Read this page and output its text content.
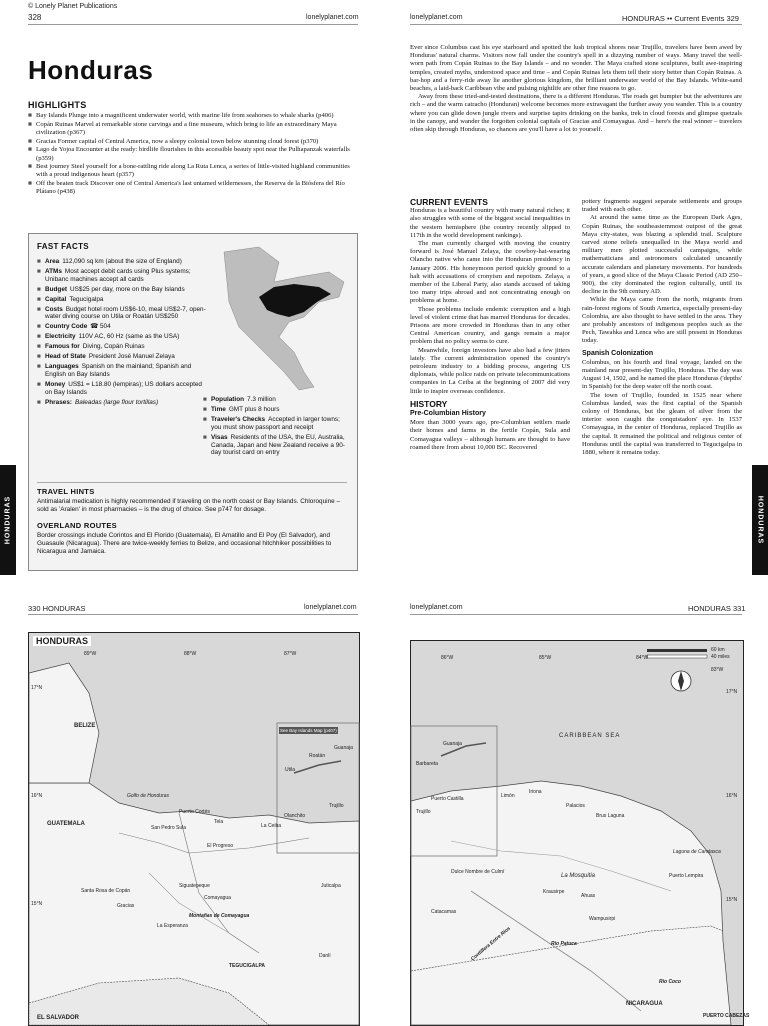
© Lonely Planet Publications
328	lonelyplanet.com	lonelyplanet.com	HONDURAS •• Current Events 329
Honduras
HIGHLIGHTS
■ Bay Islands Plunge into a magnificent underwater world, with marine life from seahorses to whale sharks (p406)
■ Copán Ruinas Marvel at remarkable stone carvings and a fine museum, which bring to life an extraordinary Maya civilization (p367)
■ Gracias Former capital of Central America, now a sleepy colonial town below stunning cloud forest (p370)
■ Lago de Yojoa Encounter at the ready: birdlife flourishes in this accessible beauty spot near the Pulhapanzak waterfalls (p359)
■ Best journey Steel yourself for a bone-rattling ride along La Ruta Lenca, a series of little-visited highland communities with a proud indigenous heart (p357)
■ Off the beaten track Discover one of Central America's last untamed wildernesses, the Reserva de la Biósfera del Río Plátano (p438)
FAST FACTS
■ Area 112,090 sq km (about the size of England)
■ ATMs Most accept debit cards using Plus systems; Unibanc machines accept all cards
■ Budget US$25 per day, more on the Bay Islands
■ Capital Tegucigalpa
■ Costs Budget hotel room US$6-10, meal US$2-7, open-water diving course on Utila or Roatán US$250
■ Country Code ☎ 504
■ Electricity 110V AC, 60 Hz (same as the USA)
■ Famous for Diving, Copán Ruinas
■ Head of State President José Manuel Zelaya
■ Languages Spanish on the mainland; Spanish and English on Bay Islands
■ Money US$1 = L18.80 (lempiras); US dollars accepted on Bay Islands
■ Phrases: Baleadas (large flour tortillas)	■ Population 7.3 million
■ Time GMT plus 8 hours
■ Traveler's Checks Accepted in larger towns; you must show passport and receipt
■ Visas Residents of the USA, the EU, Australia, Canada, Japan and New Zealand receive a 90-day tourist card on entry
TRAVEL HINTS
Antimalarial medication is highly recommended if traveling on the north coast or Bay Islands. Chloroquine – sold as 'Aralen' in most pharmacies – is the drug of choice. See p747 for dosage.
OVERLAND ROUTES
Border crossings include Corintos and El Florido (Guatemala), El Amatillo and El Poy (El Salvador), and Guasaule (Nicaragua). There are twice-weekly ferries to Belize, and occasional hitchhiker possibilities to Nicaragua and Jamaica.

Ever since Columbus cast his eye starboard and spotted the lush tropical shores near Trujillo, travelers have been awed by Honduras' natural charms. Visitors now fall under the country's spell in a dizzying number of ways. Many travel the well-worn path from Copán Ruinas to the Bay Islands – and no wonder. The Maya crafted stone sculptures, built awe-inspiring temples, created myths, understood space and time – and Copán Ruinas lets them tell their story better than Copán Ruinas. A bar-hop and a ferry-ride away lie another glorious kingdom, the brilliant underwater world of the Bay Islands. White-sand beaches, a laid-back Caribbean vibe and pulsing nightlife are other fine reasons to go.

Away from these tried-and-tested destinations, there is a different Honduras. The roads get bumpier but the adventures are rich – and the warm catracho (Honduran) welcome becomes more extravagant the further away you wander. This is a country where you can glide down jungle rivers and surprise tapirs drinking on the banks, trek in cloud forests and glimpse quetzals in the canopy, and wander the forgotten colonial capitals of Gracias and Comayagua. And – here's the real winner – travelers often skip through Honduras, so chances are you'll have a lot to yourself.

CURRENT EVENTS

Honduras is a beautiful country with many natural riches; it also struggles with some of the biggest social inequalities in the western hemisphere (the country recently slipped to 117th in the world development rankings).

The man currently charged with moving the country forward is José Manuel Zelaya, the cowboy-hat-wearing Olancho native who came into the Honduran presidency in January 2006. His honeymoon period quickly ground to a halt with accusations of cronyism and nepotism. Zelaya, a member of the Liberal Party, also stands accused of taking too many trips abroad and not concentrating enough on problems at home.

Those problems include endemic corruption and a high level of violent crime that has marred Honduras for decades. Prisons are more crowded in Honduras than in any other Central American country, and gangs remain a major problem that no policy seems to cure.

Meanwhile, foreign investors have also had a few jitters lately. The current administration opened the country's petroleum industry to a bidding process, angering US diplomats, while police raids on private telecommunications companies in La Ceiba at the beginning of 2007 did very little to inspire overseas confidence.

HISTORY
Pre-Columbian History

More than 3000 years ago, pre-Columbian settlers made their homes and farms in the fertile Copán, Sula and Comayagua valleys – although humans are thought to have roamed there from about 10,000 BC. Recovered

pottery fragments suggest separate settlements and groups traded with each other.

At around the same time as the European Dark Ages, Copán Ruinas, the southeasternmost outpost of the great Maya city-states, was blazing a splendid trail. Sculpture carved stone reliefs unequalled in the Maya world and military men plotted successful campaigns, while mathematicians and astronomers calculated uncannily accurate calendars and planetary movements. For hundreds of years, a good slice of the Maya Classic Period (AD 250–900), the city dominated the region culturally, until its decline in the 9th century AD.

While the Maya came from the north, migrants from rain-forest regions of South America, especially present-day Colombia, are also thought to have settled in the area. They are probably ancestors of indigenous peoples such as the Pech, Tawahka and Lenca who are still present in Honduras today.

Spanish Colonization

Columbus, on his fourth and final voyage, landed on the mainland near present-day Trujillo, Honduras. The day was August 14, 1502, and he named the place Honduras ('depths' in Spanish) for the deep water off the north coast.

The town of Trujillo, founded in 1525 near where Columbus landed, was the first capital of the Spanish colony of Honduras, but the gleam of silver from the interior soon caught the conquistadors' eye. In 1537 Comayagua, in the center of Honduras, replaced Trujillo as the capital. It remained the political and religious center of Honduras until the capital was transferred to Tegucigalpa in 1880, where it remains today.

HONDURAS	HONDURAS
330 HONDURAS	lonelyplanet.com	lonelyplanet.com	HONDURAS 331
HONDURAS
BELIZE
GUATEMALA
EL SALVADOR
TEGUCIGALPA
Golfo de Honduras
Puerto Cortés
San Pedro Sula
Santa Rosa de Copán
La Esperanza
Comayagua
Siguatepeque
El Progreso
Tela
La Ceiba
Gracias
Montañas de Comayagua
See Bay Islands Map (p407)
Roatán
Utila
Guanaja
Danlí
Juticalpa
Olanchito
Trujillo
17°N
16°N
15°N
89°W	88°W	87°W
60 km
40 miles
CARIBBEAN SEA
NICARAGUA
La Mosquitia
Puerto Castilla
Trujillo
Guanaja
Barbareta
Limón
Iriona
Palacios
Brus Laguna
Puerto Lempira
Laguna de Caratasca
PUERTO CABEZAS
Cordillera Entre Ríos
Catacamas
Dulce Nombre de Culmí
Rio Patuca
Rio Coco
Krausirpe
Ahuas
Wampusirpi
17°N
16°N
15°N
86°W	85°W	84°W
83°W
